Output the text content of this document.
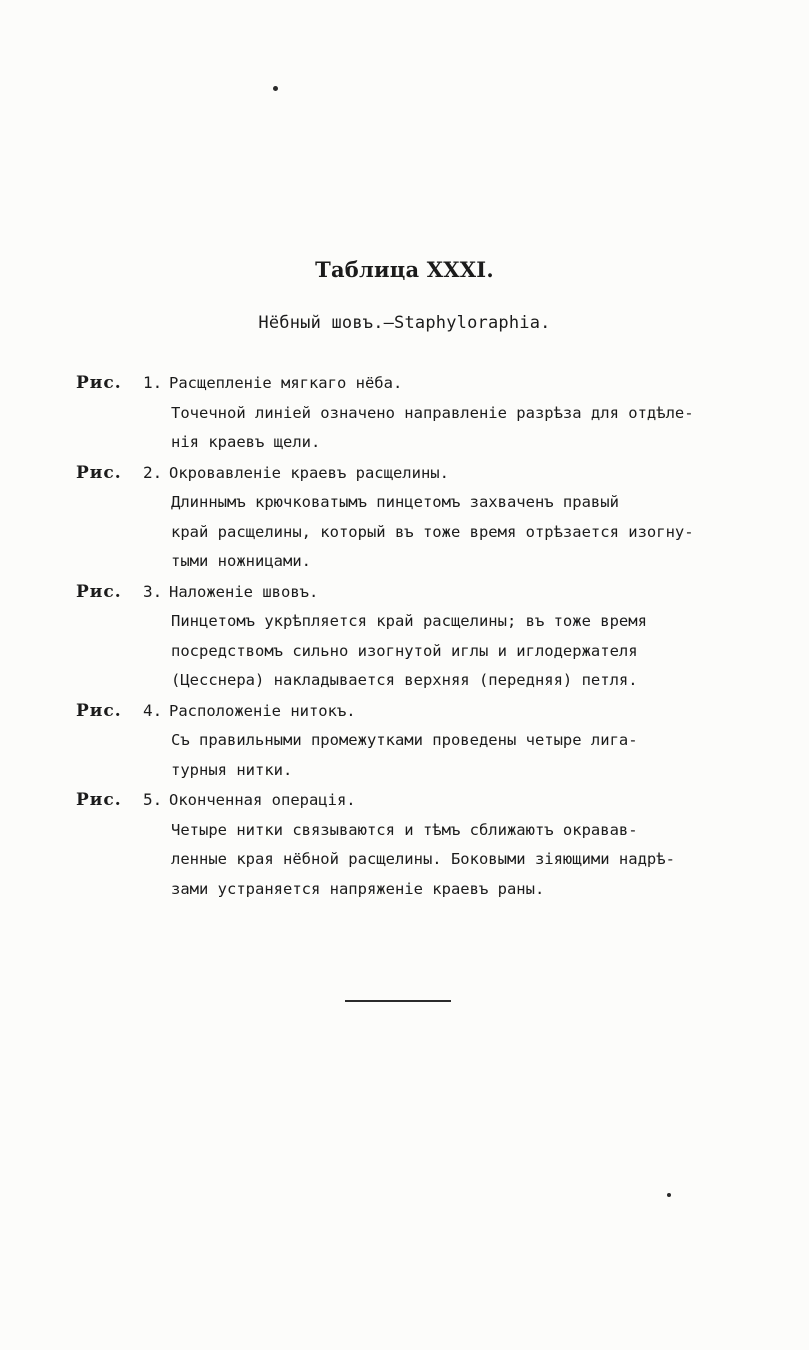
Таблица XXXI.
Нёбный шовъ.—Staphylorаphia.
Рис.	1. Расщепленіе мягкаго нёба.
Точечной линіей означено направленіе разрѣза для отдѣле-
нія краевъ щели.
Рис.	2. Окровавленіе краевъ расщелины.
Длиннымъ крючковатымъ пинцетомъ захваченъ правый
край расщелины, который въ тоже время отрѣзается изогну-
тыми ножницами.
Рис.	3. Наложеніе швовъ.
Пинцетомъ укрѣпляется край расщелины; въ тоже время
посредствомъ сильно изогнутой иглы и иглодержателя
(Цесснера) накладывается верхняя (передняя) петля.
Рис.	4. Расположеніе нитокъ.
Съ правильными промежутками проведены четыре лига-
турныя нитки.
Рис.	5. Оконченная операція.
Четыре нитки связываются и тѣмъ сближаютъ окравав-
ленные края нёбной расщелины. Боковыми зіяющими надрѣ-
зами устраняется напряженіе краевъ раны.
